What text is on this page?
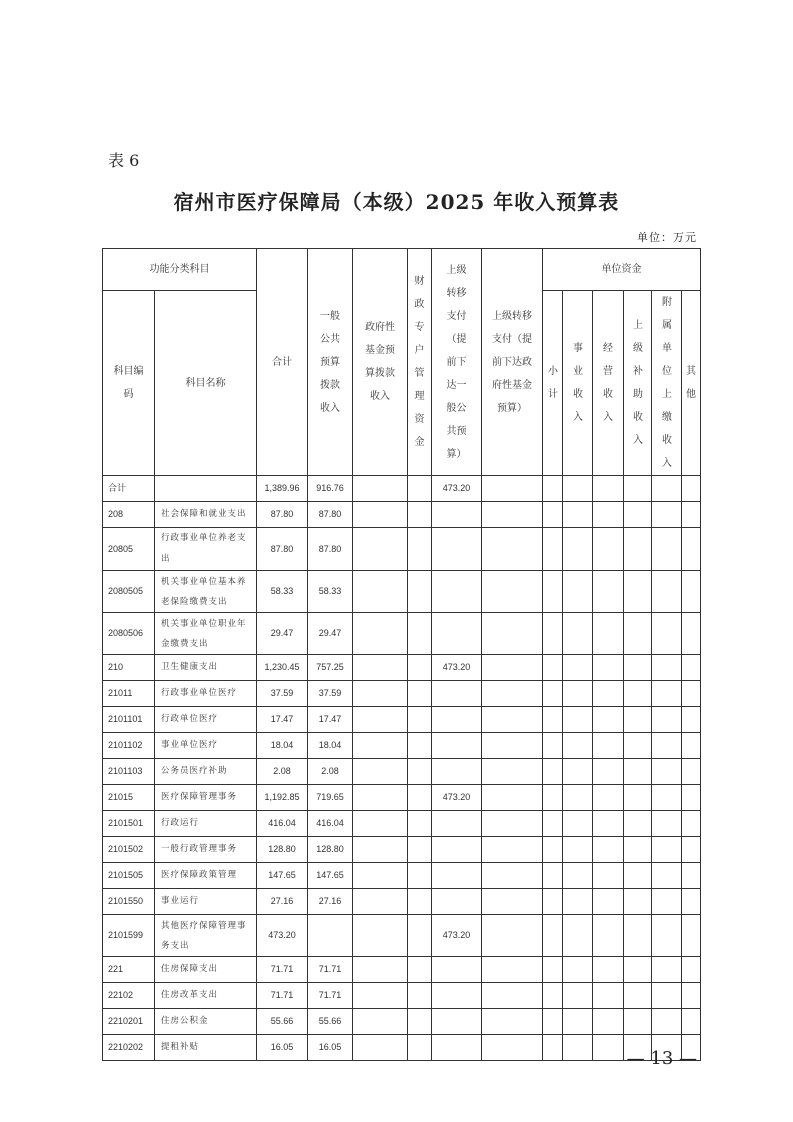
表 6
宿州市医疗保障局（本级）2025 年收入预算表
单位：万元
功能分类科目		合计	一般公共预算拨款收入	政府性基金预算拨款收入	财政专户管理资金	上级转移支付（提前下达一般公共预算）	上级转移支付（提前下达政府性基金预算）	单位资金					
科目编码	科目名称							小计	事业收入	经营收入	上级补助收入	附属单位上缴收入	其他
合计		1,389.96	916.76			473.20							
208	社会保障和就业支出	87.80	87.80										
20805	行政事业单位养老支出	87.80	87.80										
2080505	机关事业单位基本养老保险缴费支出	58.33	58.33										
2080506	机关事业单位职业年金缴费支出	29.47	29.47										
210	卫生健康支出	1,230.45	757.25			473.20							
21011	行政事业单位医疗	37.59	37.59										
2101101	行政单位医疗	17.47	17.47										
2101102	事业单位医疗	18.04	18.04										
2101103	公务员医疗补助	2.08	2.08										
21015	医疗保障管理事务	1,192.85	719.65			473.20							
2101501	行政运行	416.04	416.04										
2101502	一般行政管理事务	128.80	128.80										
2101505	医疗保障政策管理	147.65	147.65										
2101550	事业运行	27.16	27.16										
2101599	其他医疗保障管理事务支出	473.20				473.20							
221	住房保障支出	71.71	71.71										
22102	住房改革支出	71.71	71.71										
2210201	住房公积金	55.66	55.66										
2210202	提租补贴	16.05	16.05										
— 13 —
